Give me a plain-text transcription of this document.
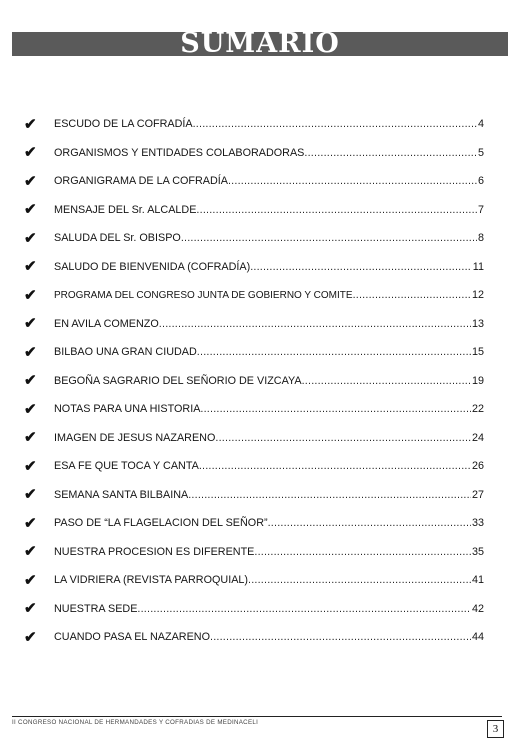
SUMARIO
✔	ESCUDO DE LA COFRADÍA .....	4
✔	ORGANISMOS Y ENTIDADES COLABORADORAS .....	5
✔	ORGANIGRAMA DE LA COFRADÍA .....	6
✔	MENSAJE DEL Sr. ALCALDE .....	7
✔	SALUDA DEL Sr. OBISPO .....	8
✔	SALUDO DE BIENVENIDA (COFRADÍA) .....	11
✔	PROGRAMA DEL CONGRESO JUNTA DE GOBIERNO Y COMITE .....	12
✔	EN AVILA COMENZO .....	13
✔	BILBAO UNA GRAN CIUDAD .....	15
✔	BEGOÑA SAGRARIO DEL SEÑORIO DE VIZCAYA .....	19
✔	NOTAS PARA UNA HISTORIA .....	22
✔	IMAGEN DE JESUS NAZARENO .....	24
✔	ESA FE QUE TOCA Y CANTA .....	26
✔	SEMANA SANTA BILBAINA .....	27
✔	PASO DE “LA FLAGELACION DEL SEÑOR” .....	33
✔	NUESTRA PROCESION ES DIFERENTE .....	35
✔	LA VIDRIERA (REVISTA PARROQUIAL) .....	41
✔	NUESTRA SEDE .....	42
✔	CUANDO PASA EL NAZARENO .....	44
II CONGRESO NACIONAL DE HERMANDADES Y COFRADIAS DE MEDINACELI
3
